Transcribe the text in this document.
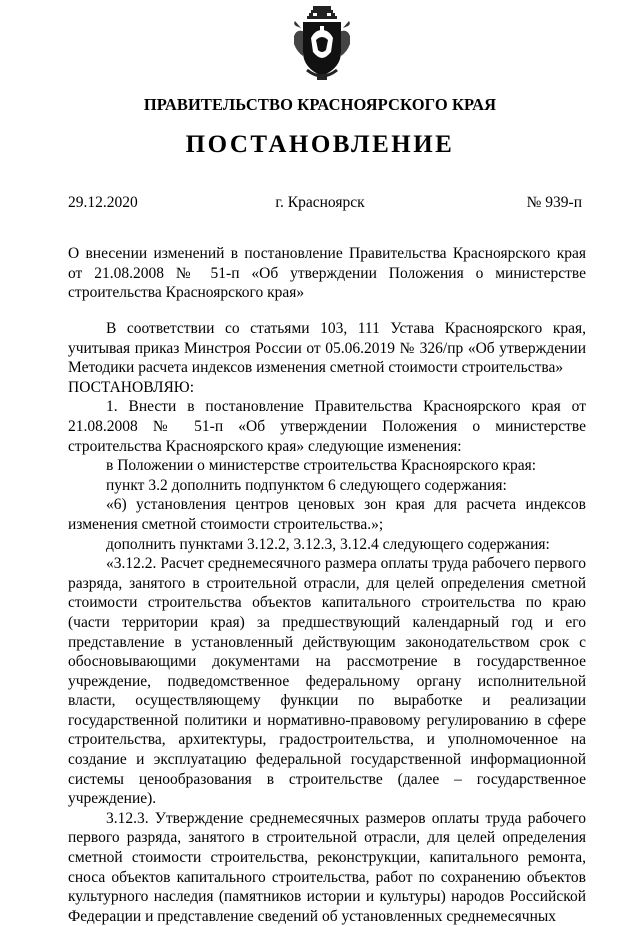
ПРАВИТЕЛЬСТВО КРАСНОЯРСКОГО КРАЯ
ПОСТАНОВЛЕНИЕ
29.12.2020	г. Красноярск	№ 939-п

О внесении изменений в постановление Правительства Красноярского края от 21.08.2008 № 51-п «Об утверждении Положения о министерстве строительства Красноярского края»

В соответствии со статьями 103, 111 Устава Красноярского края, учитывая приказ Минстроя России от 05.06.2019 № 326/пр «Об утверждении Методики расчета индексов изменения сметной стоимости строительства»

ПОСТАНОВЛЯЮ:

1. Внести в постановление Правительства Красноярского края от 21.08.2008 № 51-п «Об утверждении Положения о министерстве строительства Красноярского края» следующие изменения:

в Положении о министерстве строительства Красноярского края:

пункт 3.2 дополнить подпунктом 6 следующего содержания:

«6) установления центров ценовых зон края для расчета индексов изменения сметной стоимости строительства.»;

дополнить пунктами 3.12.2, 3.12.3, 3.12.4 следующего содержания:

«3.12.2. Расчет среднемесячного размера оплаты труда рабочего первого разряда, занятого в строительной отрасли, для целей определения сметной стоимости строительства объектов капитального строительства по краю (части территории края) за предшествующий календарный год и его представление в установленный действующим законодательством срок с обосновывающими документами на рассмотрение в государственное учреждение, подведомственное федеральному органу исполнительной власти, осуществляющему функции по выработке и реализации государственной политики и нормативно-правовому регулированию в сфере строительства, архитектуры, градостроительства, и уполномоченное на создание и эксплуатацию федеральной государственной информационной системы ценообразования в строительстве (далее – государственное учреждение).

3.12.3. Утверждение среднемесячных размеров оплаты труда рабочего первого разряда, занятого в строительной отрасли, для целей определения сметной стоимости строительства, реконструкции, капитального ремонта, сноса объектов капитального строительства, работ по сохранению объектов культурного наследия (памятников истории и культуры) народов Российской Федерации и представление сведений об установленных среднемесячных
